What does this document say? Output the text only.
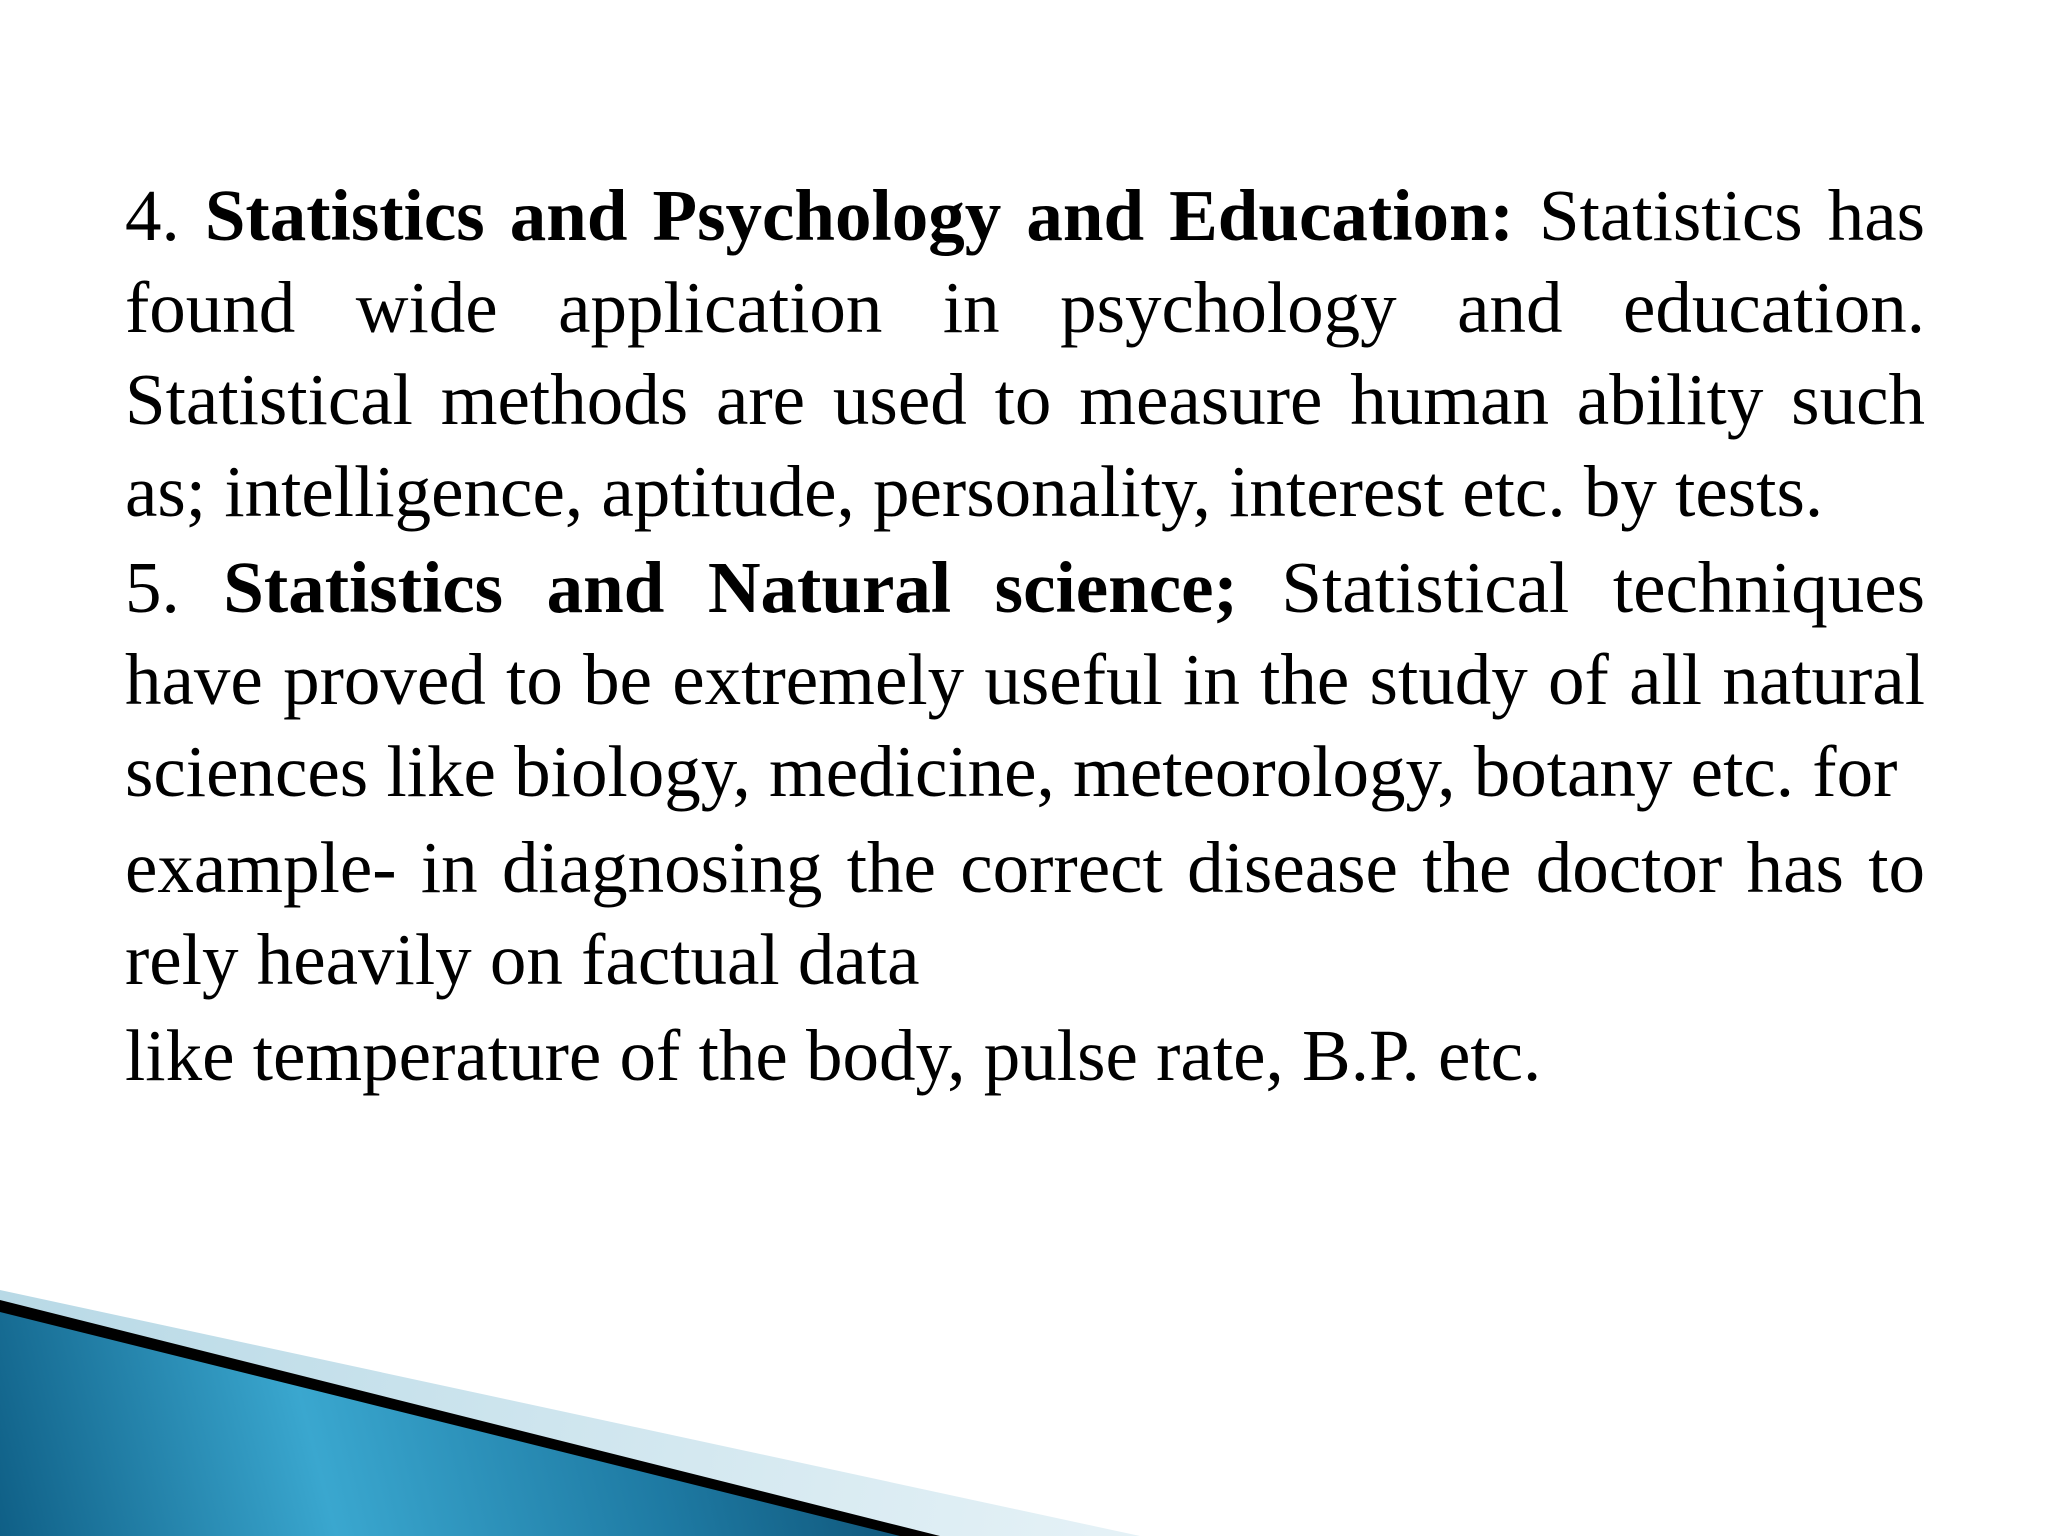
4. Statistics and Psychology and Education: Statistics has found wide application in psychology and education. Statistical methods are used to measure human ability such as; intelligence, aptitude, personality, interest etc. by tests.

5. Statistics and Natural science; Statistical techniques have proved to be extremely useful in the study of all natural sciences like biology, medicine, meteorology, botany etc. for

example- in diagnosing the correct disease the doctor has to rely heavily on factual data

like temperature of the body, pulse rate, B.P. etc.
